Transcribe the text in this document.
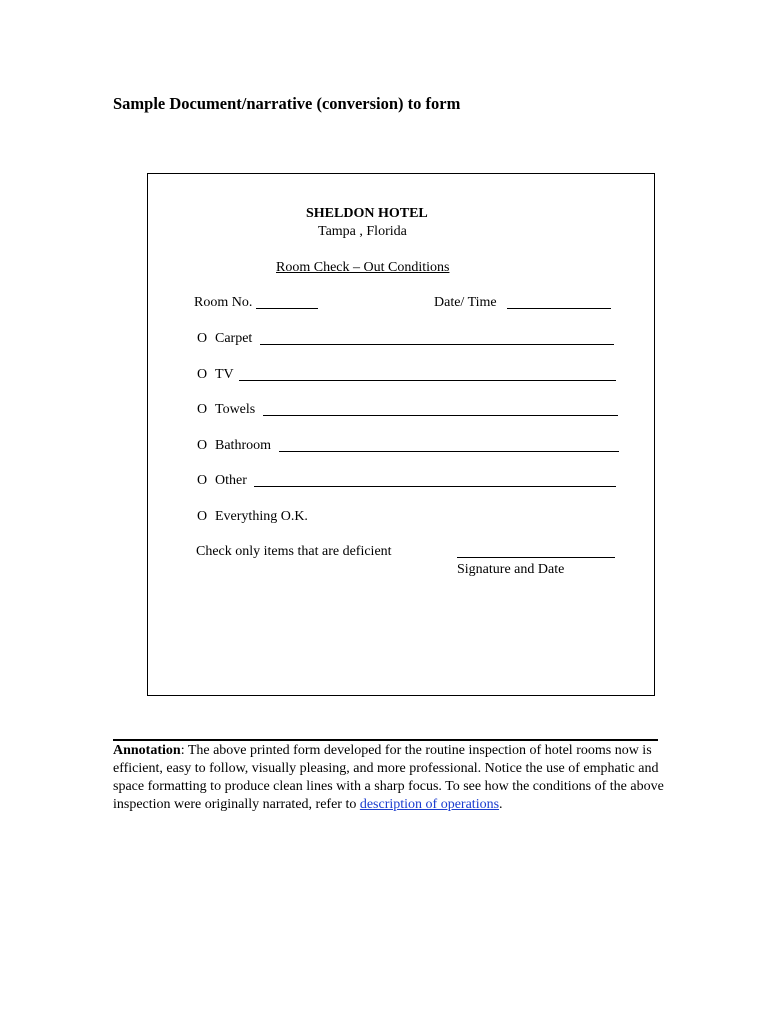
Sample Document/narrative (conversion) to form
SHELDON HOTEL
Tampa , Florida
Room Check – Out Conditions
Room No.	Date/ Time
O Carpet
O TV
O Towels
O Bathroom
O Other
O Everything O.K.
Check only items that are deficient
Signature and Date

Annotation: The above printed form developed for the routine inspection of hotel rooms now is efficient, easy to follow, visually pleasing, and more professional. Notice the use of emphatic and space formatting to produce clean lines with a sharp focus. To see how the conditions of the above inspection were originally narrated, refer to description of operations.
